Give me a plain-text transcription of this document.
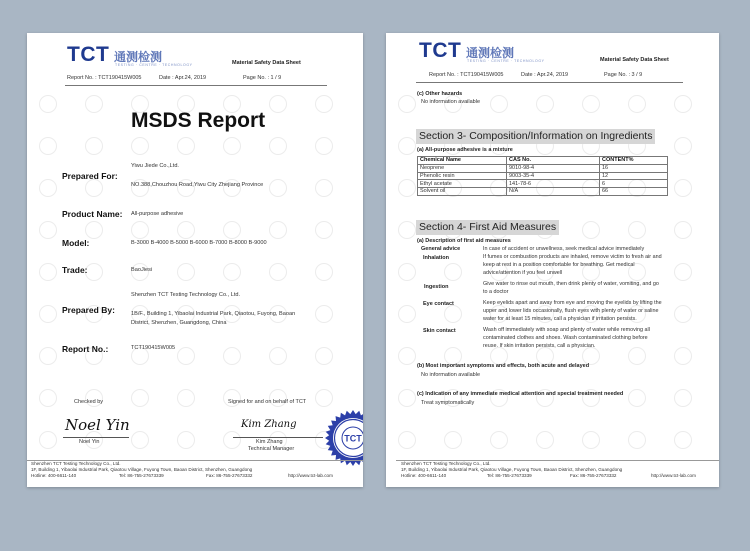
TCT 通测检测
TESTING · CENTRE · TECHNOLOGY	Material Safety Data Sheet
Report No. : TCT190415W005	Date : Apr.24, 2019	Page No. : 1 / 9
MSDS Report
Prepared For:
Yiwu Jiede Co.,Ltd.
NO.388,Chouzhou Road,Yiwu City Zhejiang Province
Product Name: All-purpose adhesive
Model:	B-3000 B-4000 B-5000 B-6000 B-7000 B-8000 B-9000
Trade:	BaoJiesi
Shenzhen TCT Testing Technology Co., Ltd.
Prepared By:	1B/F., Building 1, Yibaolai Industrial Park, Qiaotou, Fuyong, Baoan
District, Shenzhen, Guangdong, China
Report No.:	TCT190415W005
Checked by
Noel Yin
Noel Yin
Signed for and on behalf of TCT
Kim Zhang
Kim Zhang
Technical Manager
TCT
Shenzhen TCT Testing Technology Co., Ltd.
1F, Building 1, Yibaolai Industrial Park, Qiaotou Village, Fuyong Town, Baoan District, Shenzhen, Guangdong
Hotline: 400-6611-140	Tel: 86-755-27673339	Fax: 86-755-27673332	http://www.tct-lab.com
TCT 通测检测
TESTING · CENTRE · TECHNOLOGY	Material Safety Data Sheet
Report No. : TCT190415W005	Date : Apr.24, 2019	Page No. : 3 / 9
(c) Other hazards
No information available
Section 3- Composition/Information on Ingredients
(a) All-purpose adhesive is a mixture
Chemical Name	CAS No.	CONTENT%
Neoprene	9010-98-4	16
Phenolic resin	9003-35-4	12
Ethyl acetate	141-78-6	6
Solvent oil	N/A	66
Section 4- First Aid Measures
(a) Description of first aid measures
General advice	In case of accident or unwellness, seek medical advice immediately
Inhalation	If fumes or combustion products are inhaled, remove victim to fresh air and
keep at rest in a position comfortable for breathing. Get medical
advice/attention if you feel unwell
Ingestion	Give water to rinse out mouth, then drink plenty of water, vomiting, and go
to a doctor
Eye contact	Keep eyelids apart and away from eye and moving the eyelids by lifting the
upper and lower lids occasionally, flush eyes with plenty of water or saline
water for at least 15 minutes, call a physician if irritation persists.
Skin contact	Wash off immediately with soap and plenty of water while removing all
contaminated clothes and shoes. Wash contaminated clothing before
reuse. If skin irritation persists, call a physician.
(b) Most important symptoms and effects, both acute and delayed
No information available
(c) Indication of any immediate medical attention and special treatment needed
Treat symptomatically
Shenzhen TCT Testing Technology Co., Ltd.
1F, Building 1, Yibaolai Industrial Park, Qiaotou Village, Fuyong Town, Baoan District, Shenzhen, Guangdong
Hotline: 400-6611-140	Tel: 86-755-27673339	Fax: 86-755-27673332	http://www.tct-lab.com
